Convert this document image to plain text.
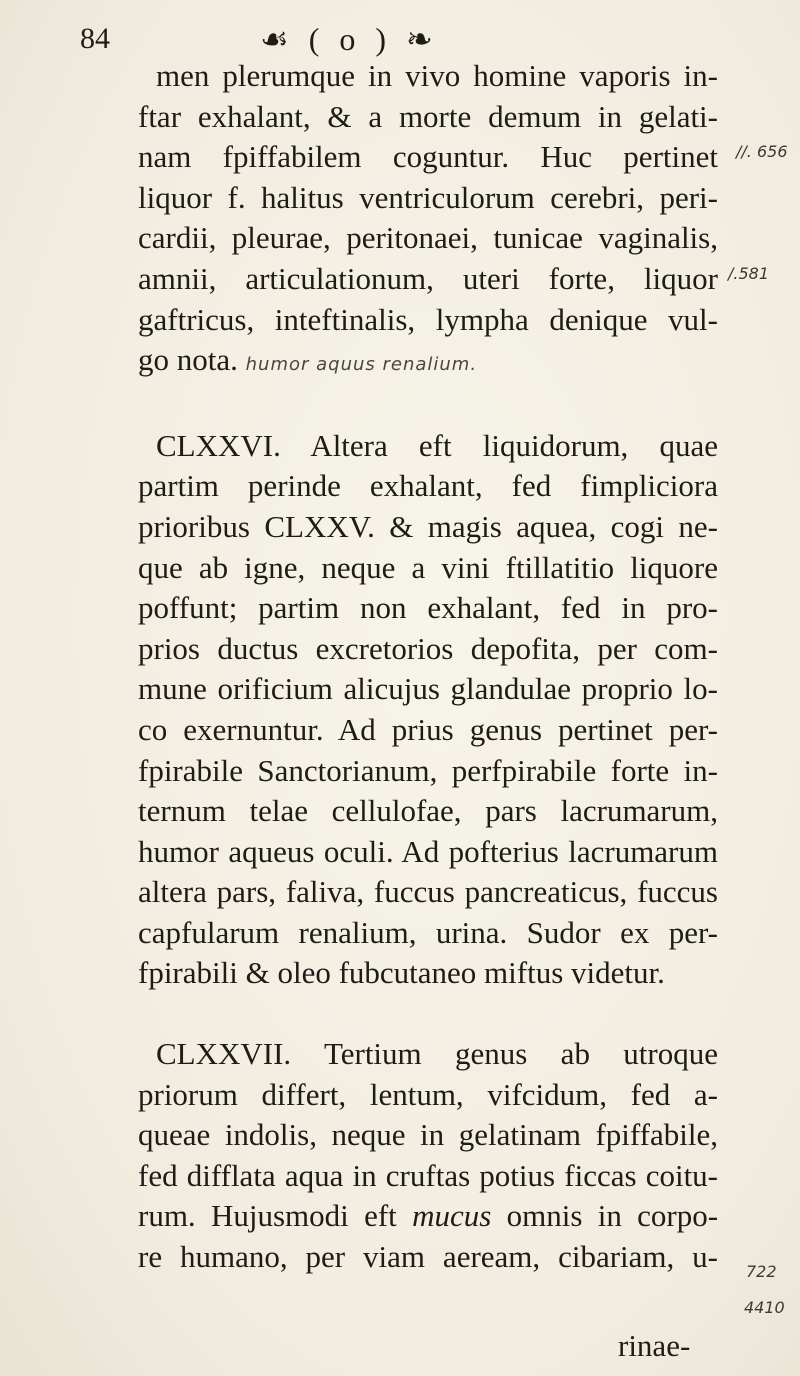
84	☙ ( o ) ❧
men plerumque in vivo homine vaporis in-
ftar exhalant, & a morte demum in gelati-
nam fpiffabilem coguntur. Huc pertinet
liquor f. halitus ventriculorum cerebri, peri-
cardii, pleurae, peritonaei, tunicae vaginalis,
amnii, articulationum, uteri forte, liquor
gaftricus, inteftinalis, lympha denique vul-
go nota. humor aquus renalium.
CLXXVI. Altera eft liquidorum, quae
partim perinde exhalant, fed fimpliciora
prioribus CLXXV. & magis aquea, cogi ne-
que ab igne, neque a vini ftillatitio liquore
poffunt; partim non exhalant, fed in pro-
prios ductus excretorios depofita, per com-
mune orificium alicujus glandulae proprio lo-
co exernuntur. Ad prius genus pertinet per-
fpirabile Sanctorianum, perfpirabile forte in-
ternum telae cellulofae, pars lacrumarum,
humor aqueus oculi. Ad pofterius lacrumarum
altera pars, faliva, fuccus pancreaticus, fuccus
capfularum renalium, urina. Sudor ex per-
fpirabili & oleo fubcutaneo miftus videtur.
CLXXVII. Tertium genus ab utroque
priorum differt, lentum, vifcidum, fed a-
queae indolis, neque in gelatinam fpiffabile,
fed difflata aqua in cruftas potius ficcas coitu-
rum. Hujusmodi eft mucus omnis in corpo-
re humano, per viam aeream, cibariam, u-
rinae-
//. 656
/.581
722
4410
